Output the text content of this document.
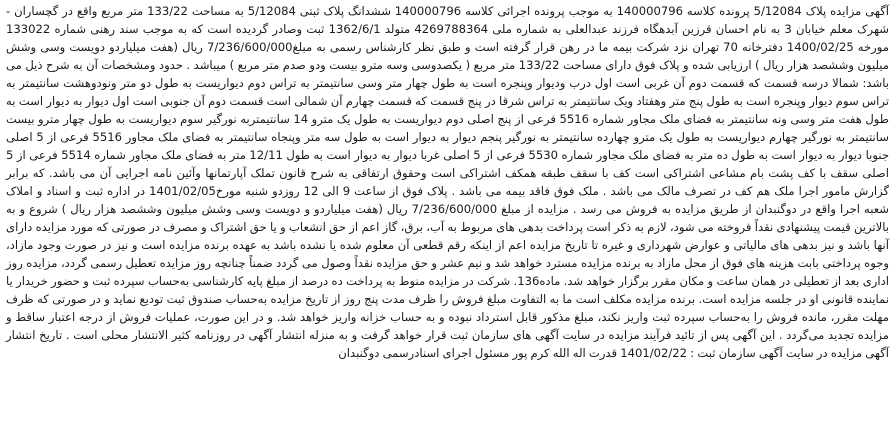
آگهی مزایده پلاک 5/12084 پرونده کلاسه 140000796 به موجب پرونده اجرائی کلاسه 140000796 ششدانگ پلاک ثبتی 5/12084 به مساحت 133/22 متر مربع واقع در گچساران - شهرک معلم خیابان 3 به نام احسان قرزین آبدهگاه فرزند عبدالعلی به شماره ملی 4269788364 متولد 1362/6/1 ثبت وصادر گردیده است که به موجب سند رهنی شماره 133022 مورخه 1400/02/25 دفترخانه 70 تهران نزد شرکت بیمه ما در رهن قرار گرفته است و طبق نظر کارشناس رسمی به مبلغ7/236/600/000 ریال (هفت میلیاردو دویست وسی وشش میلیون وششصد هزار ریال ) ارزیابی شده و پلاک فوق دارای مساحت 133/22 متر مربع ( یکصدوسی وسه مترو بیست ودو صدم متر مربع ) میباشد . حدود ومشخصات آن به شرح ذیل می باشد: شمالا درسه قسمت که قسمت دوم آن غربی است اول درب وديوار وپنجره است به طول چهار متر وسی سانتیمتر به تراس دوم دیواریست به طول دو متر ونودوهشت سانتیمتر به تراس سوم دیوار وپنجره است به طول پنج متر وهفتاد ویک سانتیمتر به تراس شرقا در پنج قسمت که قسمت چهارم آن شمالی است قسمت دوم آن جنوبی است اول دیوار به دیوار است به طول هفت متر وسی ونه سانتیمتر به فضای ملک مجاور شماره 5516 فرعی از پنج اصلی دوم دیواریست به طول یک مترو 14 سانتیمتربه نورگیر سوم دیواریست به طول چهار مترو بیست سانتیمتر به نورگیر چهارم دیواریست به طول یک مترو چهارده سانتیمتر به نورگیر پنجم دیوار به دیوار است به طول سه متر وپنجاه سانتیمتر به فضای ملک مجاور 5516 فرعی از 5 اصلی جنوبا دیوار به دیوار است به طول ده متر به فضای ملک مجاور شماره 5530 فرعی از 5 اصلی غربا دیوار به دیوار است به طول 12/11 متر به فضای ملک مجاور شماره 5514 فرعی از 5 اصلی سقف با کف پشت بام مشاعی اشتراکی است کف با سقف طبقه همکف اشتراکی است وحقوق ارتفاقی به شرح قانون تملک آپارتمانها وآئین نامه اجرایی آن می باشد. که برابر گزارش مامور اجرا ملک هم کف در تصرف مالک می باشد . ملک فوق فاقد بیمه می باشد . پلاک فوق از ساعت 9 الی 12 روزدو شنبه مورخ1401/02/05 در اداره ثبت و اسناد و املاک شعبه اجرا واقع در دوگنبدان از طریق مزایده به فروش می رسد . مزایده از مبلغ 7/236/600/000 ریال (هفت میلیاردو و دویست وسی وشش میلیون وششصد هزار ریال ) شروع و به بالاترین قیمت پیشنهادی نقداً فروخته می شود، لازم به ذکر است پرداخت بدهی های مربوط به آب، برق، گاز اعم از حق انشعاب و یا حق اشتراک و مصرف در صورتی که مورد مزایده دارای آنها باشد و نیز بدهی های مالیاتی و عوارض شهرداری و غیره تا تاریخ مزایده اعم از اینکه رقم قطعی آن معلوم شده یا نشده باشد به عهده برنده مزایده است و نیز در صورت وجود مازاد، وجوه پرداختی بابت هزینه های فوق از محل مازاد به برنده مزایده مسترد خواهد شد و نیم عشر و حق مزایده نقداً وصول می گردد ضمناً چنانچه روز مزایده تعطیل رسمی گردد، مزایده روز اداری بعد از تعطیلی در همان ساعت و مکان مقرر برگزار خواهد شد. ماده136. شرکت در مزایده منوط به پرداخت ده درصد از مبلغ پایه کارشناسی به‌حساب سپرده ثبت و حضور خریدار یا نماینده قانونی او در جلسه مزایده است. برنده مزایده مکلف است ما به التفاوت مبلغ فروش را ظرف مدت پنج روز از تاریخ مزایده به‌حساب صندوق ثبت تودیع نماید و در صورتی که ظرف مهلت مقرر، مانده فروش را به‌حساب سپرده ثبت واریز نکند، مبلغ مذکور قابل استرداد نبوده و به حساب خزانه واریز خواهد شد. و در این صورت، عملیات فروش از درجه اعتبار ساقط و مزایده تجدید می‌گردد . این آگهی پس از تائید فرآیند مزایده در سایت آگهی های سازمان ثبت قرار خواهد گرفت و به منزله انتشار آگهی در روزنامه کثیر الانتشار محلی است . تاریخ انتشار آگهی مزایده در سایت آگهی سازمان ثبت : 1401/02/22 قدرت اله الله کرم پور مسئول اجرای اسنادرسمی دوگنبدان
